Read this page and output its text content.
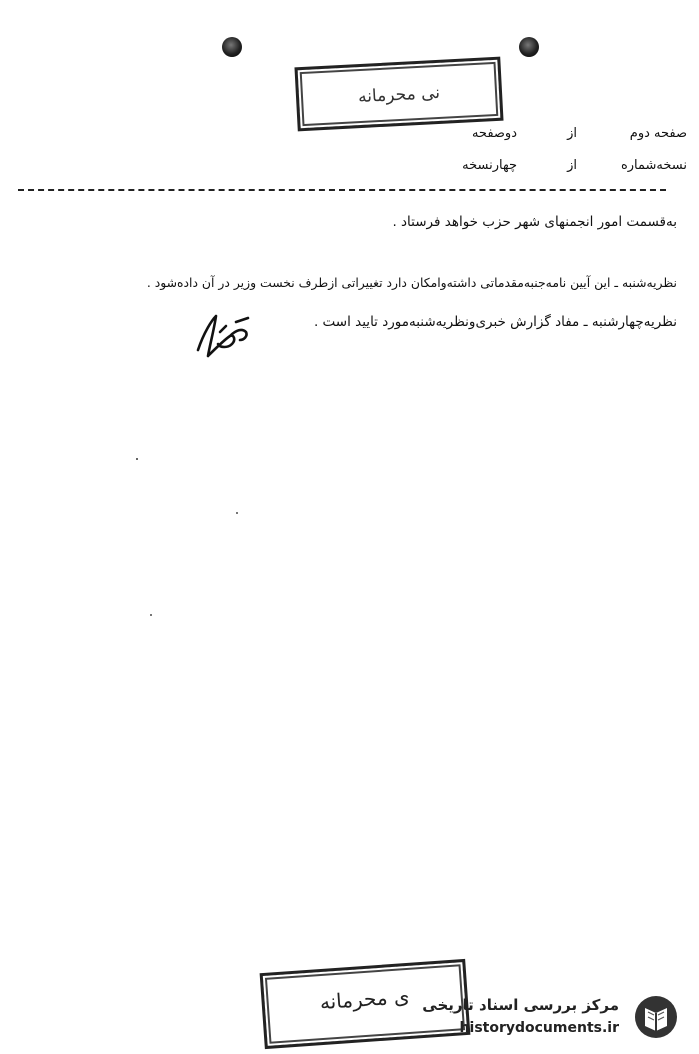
نی محرمانه
صفحه دوم
از
دوصفحه
نسخه‌شماره
از
چهارنسخه
به‌قسمت امور انجمنهای شهر حزب خواهد فرستاد .
نظریه‌شنبه ـ این آیین نامه‌جنبه‌مقدماتی داشته‌وامکان دارد تغییراتی ازطرف نخست وزیر در آن داده‌شود .
نظریه‌چهارشنبه ـ مفاد گزارش خبری‌ونظریه‌شنبه‌مورد تایید است .
ی محرمانه مرکز بررسی اسناد تاریخی
historydocuments.ir
